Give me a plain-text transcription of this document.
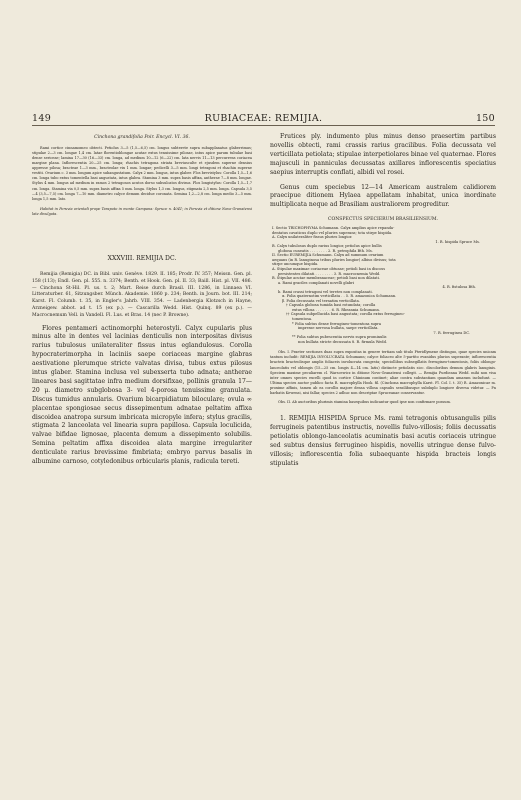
149	RUBIACEAE: REMIJIA.	150

Cinchona grandifolia Poir. Encycl. VI. 36.

Rami cortice cinnamomeo obtecti. Petiolus 3—5 (1,5—6,5) cm. longus subterete supra subapplanatus glaberrimus; stipulae 2—3 cm. longae 1,4 cm. latae florentioblongae acutae extus tenuissime pilosae, intus apice parum tubulae basi dense sericeae; lamina 17—30 (16—33) cm. longa, ad medium 10—12 (6—22) cm. lata nervis 11—13 percurrens coriacea margine plana. Inflorescentia 20—25 cm. longa; rhachis tetragona striata breviusculte et ejusdem superne densius appresse pilosa; bracteae 1—3 mm., bracteolae vix 1 mm. longae; pedicelli 3—5 mm. longi tetragoni et rhachin superne vestiti. Ovarium c. 3 mm. longum apice subangustatum. Calyx 2 mm. longus, intus glaber. Flos brevistylus: Corolla 1,5—1,6 cm. longa tubo extus tomentella basi angustata, intus glabra. Stamina 3 mm. supra basis affixa, antherae 7—8 mm. longae. Stylus 4 mm. longus ad medium in ramos 2 tetragonos acutos dorso subsulcatos divisus. Flos longistylus: Corolla 1,5—1,7 cm. longa. Stamina via 0,5 mm. supra basis affixa 5 mm. longa. Stylus 1,3 cm. longus, stigmata 2,5 mm. longa. Capsula 3,5—4 (3,5—7,5) cm. longa 7—10 mm. diametro calyce demum decidue coronata. Semina 1,2—2,8 cm. longa medio 3—5 mm. longa 1,5 mm. lato.

Habitat in Peruvia orientali prope Tarapoto in monte Campana: Spruce n. 4041; in Peruvia et ditione Novo-Granatensi late divulgata.

XXXVIII. REMIJIA DC.

Remijia (Remigia) DC. in Bibl. univ. Genève. 1829. II. 185; Prodr. IV. 357; Meissn. Gen. pl. 158 (113); Endl. Gen. pl. 555. n. 3374; Benth. et Hook. Gen. pl. II. 33; Baill. Hist. pl. VII. 486. — Cinchona St-Hil. Pl. us. t. 2; Mart. Reise durch Brasil. III. 1286, in Linnaea VI. Litteraturber. 61, Sitzungsber. Münch. Akademie. 1860 p. 234; Benth. in Journ. bot. III. 214; Karst. Fl. Columb. t. 35, in Engler's Jahrb. VIII. 354. — Ladenbergia Klotzsch in Hayne, Arzneigew. abbot. ad t. 15 (ex p.). — Cascarilla Wedd. Hist. Quinq. 89 (ex p.). — Macrocnemum Vell. in Vandell. Fl. Lus. et Bras. 14 (nec P. Browne).

Flores pentameri actinomorphi heterostyli. Calyx cupularis plus minus alte in dentes vel lacinias denticulis non interpositas divisus rarius tubulosus unilateraliter fissus intus eglandulosus. Corolla hypocraterimorpha in laciniis saepe coriaceas margine glabras aestivatione plerumque stricte valvatas divisa, tubus extus pilosus intus glaber. Stamina inclusa vel subexserta tubo adnata; antherae lineares basi sagittatae infra medium dorsifixae, pollinis granula 17—20 μ. diametro subglobosa 3- vel 4-porosa tenuissime granulata. Discus tumidus annularis. Ovarium bicarpidiatum biloculare; ovula ∞ placentae spongiosae secus dissepimentum adnatae peltatim affixa discoidea anatropa sursum imbricata micropyle infera; stylus gracilis, stigmata 2 lanceolata vel linearia supra papillosa. Capsula loculicida, valvae bifidae lignosae, placenta demum a dissepimento solubilis. Semina peltatim affixa discoidea alata margine irregulariter denticulate rarius brevissime fimbriata; embryo parvus basalis in albumine carnoso, cotyledonibus orbicularis planis, radicula tereti.

Frutices ply. indumento plus minus denso praesertim partibus novellis obtecti, rami crassis rarius gracilibus. Folia decussata vel verticillata petiolata; stipulae interpetiolares binae vel quaternae. Flores majusculi in panniculas decussatas axillares inflorescentis speciatius saepius interruptis conflati, albidi vel rosei.

Genus cum speciebus 12—14 Americam australem calidiorem praecipue ditionem Hylaea appellatam inhabitat, unica inordinate multiplicata neque ad Brasiliam australiorem progreditur.

CONSPECTUS SPECIERUM BRASILIENSIUM.

I. Sectio TRICHOPHYMA Schumann. Calyx amplius apice repanda-

dentatus cavaticus duplo vel pluries superans; tota stirpe hispida.

A. Calyx unilateraliter fissus pluries longior.

1. R. hispida Spruce Ms.

B. Calyx tubulosus duplo rarius longior, petiolus apice bullis

globosa cuneatis . . . . . . . . 2. R. petrophila Bth. Ms.

II. Sectio EUREMIJIA Schumann. Calyx ad summum ovarium

aequans (in R. lanuginosa tribus pluries longior) albius divisus; tota

stirpe uncumque hispida.

A. Stipulae maximae coriaceae obtusae; petioli basi in discoss

persistentes dilatati . . . . . . . . 3. R. macrocnemia Wedd.

B. Stipulae acutae membranaceae; petioli basi non dilatati.

a. Rami graciles complanati novelli glabri

4. R. fistulosa Bth.

b. Rami crassi tetragoni vel teretes non complanati.

α. Folia quaternotim verticillata . . 5. R. amazonica Schumann.

β. Folia decussata vel ternatim verticillata.

† Capsula globosa tumida basi rotundata; corolla

extus villosa . . . . . . . 6. R. Rheannia Schumann.

†† Capsula subpellucida basi angustata; corolla extus ferrugineo-

tomentosa.

* Folia subtus dense ferrugineo-tomentosa supra

impresse nervosa bullata, saepe verticillata.

7. R. ferruginea DC.

** Folia subtus pubescentia nervis supra prominulis

non bullata stricte decussata 8. R. firmula Wedd.

Obs. I. Praeter sectiones duas supra expositas in genere tertiam sub titulo Pteridlymene distinguo, quae species unicam tantum includit: REMIJIA INVOLUCRATA Schumann; calyce foliaceo alte 5-partito evanidus plurios superante; inflorescentia bracteis bracteolisque amplis foliaceis involucrata cungesta; speciollibus subsegillatis ferrugineo-tomentosis, foliis oblongo-lanceolatis vel oblongis (15—25 cm. longis 4—14 cm. latis) distincte petiolatis sicc. discoloribus demum glabris lanuginis. Speciem maxime peculiarem cl. Warscewicz in ditione Novo-Granatensi collegit. — Remijia Purdieana Wedd. mihi non visa inter omnes species excelli quod in cortice Chininum continet; aliae contra substantiam quandam amaram includunt. — Ultima species auctor publico facta R. macrophylla Hook. fil. (Cinchona macrophylla Karst. Fl. Col. I. t. 35) R. Amazonicae m. proxime affinis, tamen ab ea corollis majore densa villosa capsulis sessilibusque subduplo longiore diversa videtur. — Pn barbatis Kewensi, nisi fallar, species 2 adhuc non descriptae Spruceanae conservantur.

Obs. II. Ab auctoribus plurimis stamina basequibus indicantur quod ipse non confirmare possum.

1. REMIJIA HISPIDA Spruce Ms. rami tetragonis obtusangulis pilis ferrugineis patentibus instructis, novellis fulvo-villosis; foliis decussatis petiolatis oblongo-lanceolatis acuminatis basi acutis coriaceis utringue sed subtus densius ferrugineo hispidis, novellis utringue dense fulvo-villosis; inflorescentia folia subaequante hispida bracteis longis stipulatis
